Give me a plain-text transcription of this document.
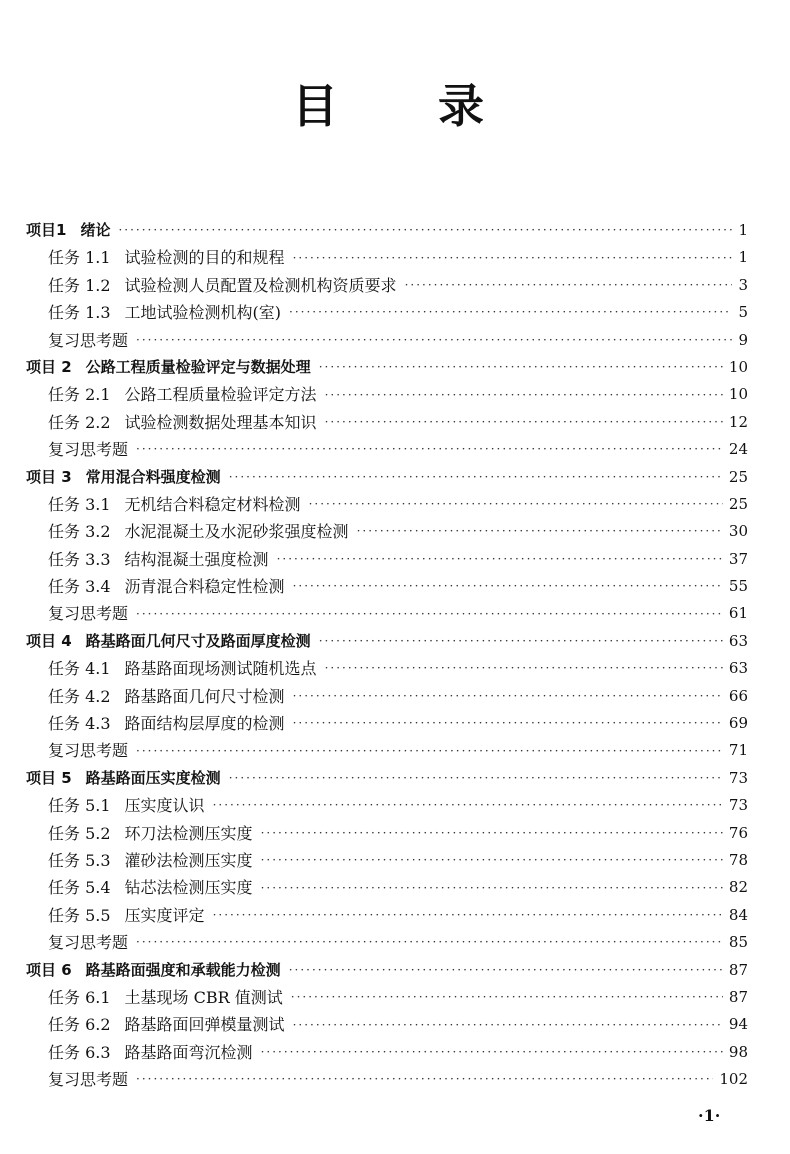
目 录
项目1 绪论 ·····	1
任务 1.1 试验检测的目的和规程 ·····	1
任务 1.2 试验检测人员配置及检测机构资质要求 ·····	3
任务 1.3 工地试验检测机构(室) ·····	5
复习思考题 ·····	9
项目 2 公路工程质量检验评定与数据处理 ·····	10
任务 2.1 公路工程质量检验评定方法 ·····	10
任务 2.2 试验检测数据处理基本知识 ·····	12
复习思考题 ·····	24
项目 3 常用混合料强度检测 ·····	25
任务 3.1 无机结合料稳定材料检测 ·····	25
任务 3.2 水泥混凝土及水泥砂浆强度检测 ·····	30
任务 3.3 结构混凝土强度检测 ·····	37
任务 3.4 沥青混合料稳定性检测 ·····	55
复习思考题 ·····	61
项目 4 路基路面几何尺寸及路面厚度检测 ·····	63
任务 4.1 路基路面现场测试随机选点 ·····	63
任务 4.2 路基路面几何尺寸检测 ·····	66
任务 4.3 路面结构层厚度的检测 ·····	69
复习思考题 ·····	71
项目 5 路基路面压实度检测 ·····	73
任务 5.1 压实度认识 ·····	73
任务 5.2 环刀法检测压实度 ·····	76
任务 5.3 灌砂法检测压实度 ·····	78
任务 5.4 钻芯法检测压实度 ·····	82
任务 5.5 压实度评定 ·····	84
复习思考题 ·····	85
项目 6 路基路面强度和承载能力检测 ·····	87
任务 6.1 土基现场 CBR 值测试 ·····	87
任务 6.2 路基路面回弹模量测试 ·····	94
任务 6.3 路基路面弯沉检测 ·····	98
复习思考题 ·····	102
·1·
